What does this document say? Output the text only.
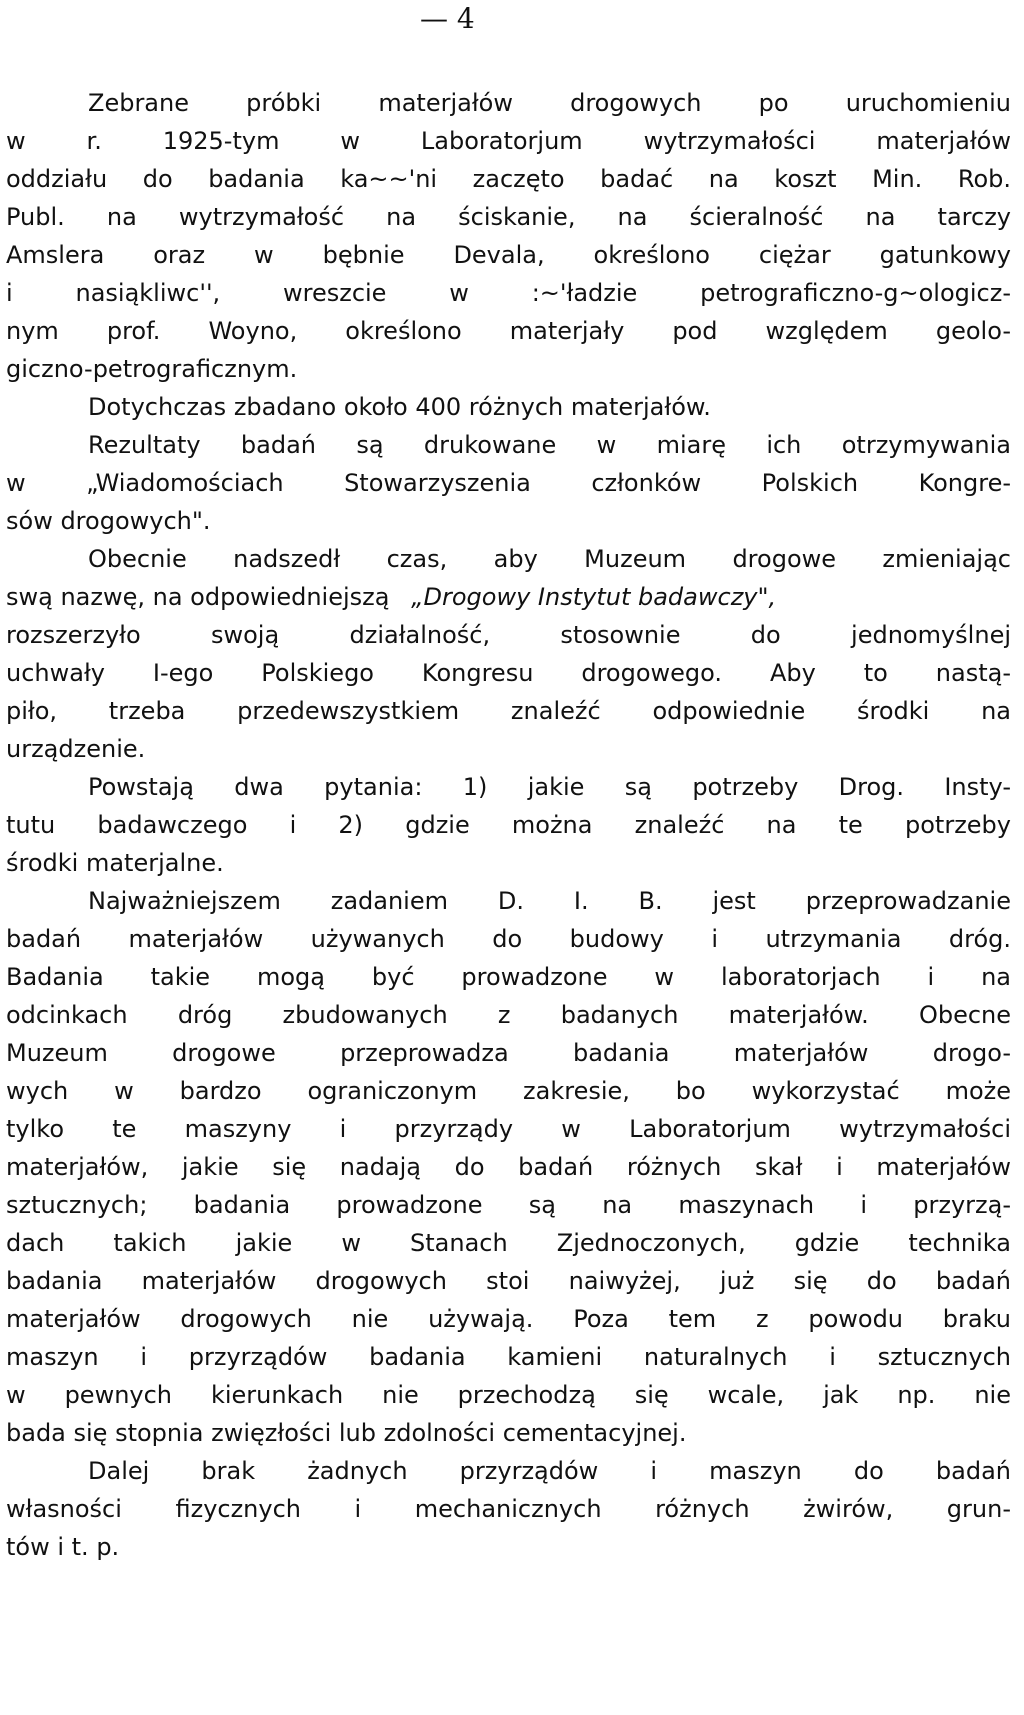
— 4
Zebrane próbki materjałów drogowych po uruchomieniu
w r. 1925-tym w Laboratorjum wytrzymałości materjałów
oddziału do badania ka~~'ni zaczęto badać na koszt Min. Rob.
Publ. na wytrzymałość na ściskanie, na ścieralność na tarczy
Amslera oraz w bębnie Devala, określono ciężar gatunkowy
i nasiąkliwc'', wreszcie w :~'ładzie petrograficzno-g~ologicz-
nym prof. Woyno, określono materjały pod względem geolo-
giczno-petrograficznym.
Dotychczas zbadano około 400 różnych materjałów.
Rezultaty badań są drukowane w miarę ich otrzymywania
w „Wiadomościach Stowarzyszenia członków Polskich Kongre-
sów drogowych".
Obecnie nadszedł czas, aby Muzeum drogowe zmieniając
swą nazwę, na odpowiedniejszą „Drogowy Instytut badawczy",
rozszerzyło swoją działalność, stosownie do jednomyślnej
uchwały I-ego Polskiego Kongresu drogowego. Aby to nastą-
piło, trzeba przedewszystkiem znaleźć odpowiednie środki na
urządzenie.
Powstają dwa pytania: 1) jakie są potrzeby Drog. Insty-
tutu badawczego i 2) gdzie można znaleźć na te potrzeby
środki materjalne.
Najważniejszem zadaniem D. I. B. jest przeprowadzanie
badań materjałów używanych do budowy i utrzymania dróg.
Badania takie mogą być prowadzone w laboratorjach i na
odcinkach dróg zbudowanych z badanych materjałów. Obecne
Muzeum drogowe przeprowadza badania materjałów drogo-
wych w bardzo ograniczonym zakresie, bo wykorzystać może
tylko te maszyny i przyrządy w Laboratorjum wytrzymałości
materjałów, jakie się nadają do badań różnych skał i materjałów
sztucznych; badania prowadzone są na maszynach i przyrzą-
dach takich jakie w Stanach Zjednoczonych, gdzie technika
badania materjałów drogowych stoi naiwyżej, już się do badań
materjałów drogowych nie używają. Poza tem z powodu braku
maszyn i przyrządów badania kamieni naturalnych i sztucznych
w pewnych kierunkach nie przechodzą się wcale, jak np. nie
bada się stopnia zwięzłości lub zdolności cementacyjnej.
Dalej brak żadnych przyrządów i maszyn do badań
własności fizycznych i mechanicznych różnych żwirów, grun-
tów i t. p.
